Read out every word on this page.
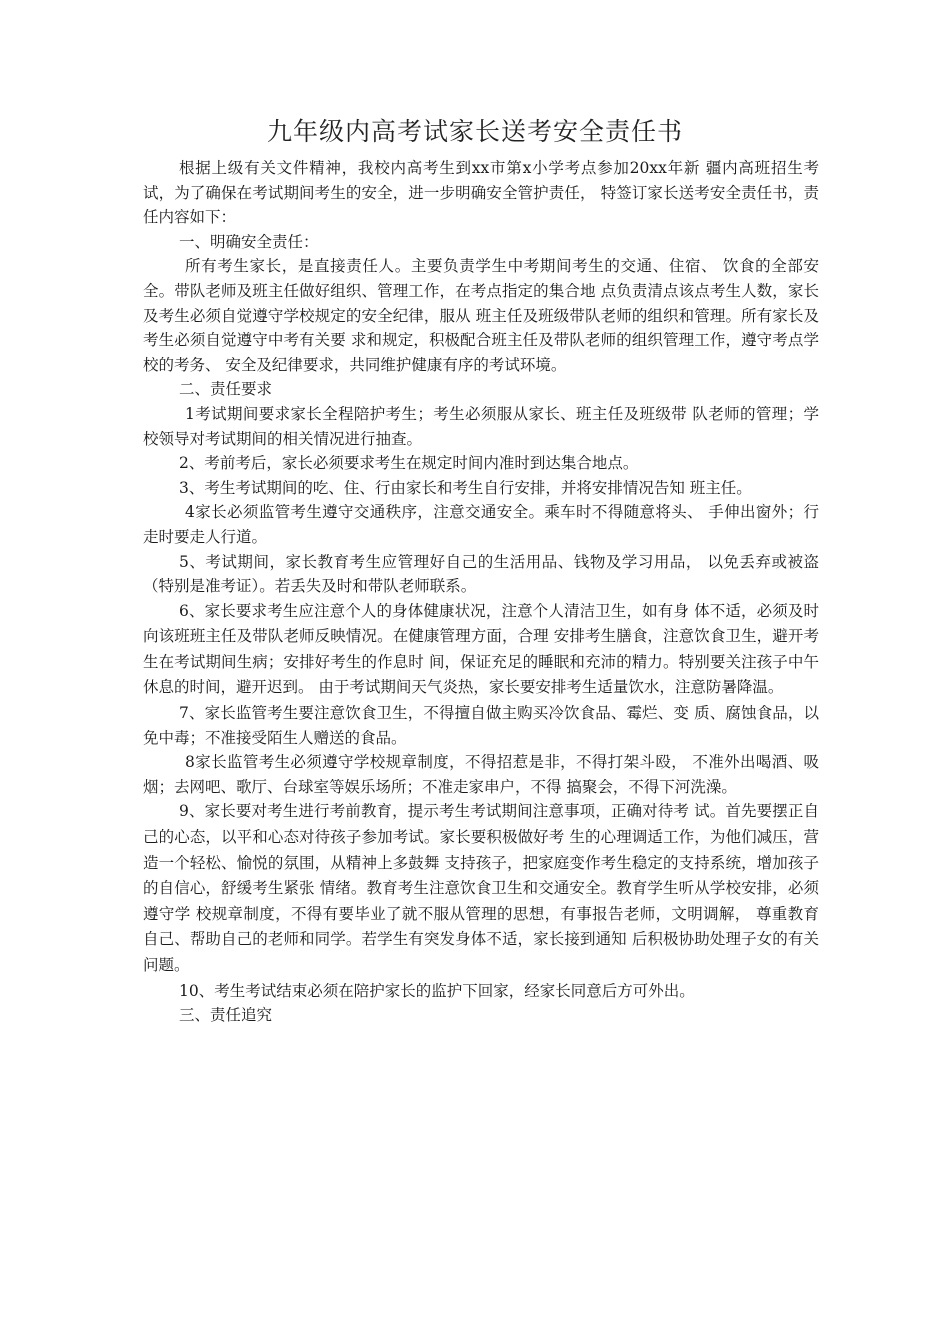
九年级内高考试家长送考安全责任书

根据上级有关文件精神，我校内高考生到xx市第x小学考点参加20xx年新 疆内高班招生考试，为了确保在考试期间考生的安全，进一步明确安全管护责任， 特签订家长送考安全责任书，责任内容如下：

一、明确安全责任：

所有考生家长，是直接责任人。主要负责学生中考期间考生的交通、住宿、 饮食的全部安全。带队老师及班主任做好组织、管理工作，在考点指定的集合地 点负责清点该点考生人数，家长及考生必须自觉遵守学校规定的安全纪律，服从 班主任及班级带队老师的组织和管理。所有家长及考生必须自觉遵守中考有关要 求和规定，积极配合班主任及带队老师的组织管理工作，遵守考点学校的考务、 安全及纪律要求，共同维护健康有序的考试环境。

二、责任要求

1考试期间要求家长全程陪护考生；考生必须服从家长、班主任及班级带 队老师的管理；学校领导对考试期间的相关情况进行抽查。

2、考前考后，家长必须要求考生在规定时间内准时到达集合地点。

3、考生考试期间的吃、住、行由家长和考生自行安排，并将安排情况告知 班主任。

4家长必须监管考生遵守交通秩序，注意交通安全。乘车时不得随意将头、 手伸出窗外；行走时要走人行道。

5、考试期间，家长教育考生应管理好自己的生活用品、钱物及学习用品， 以免丢弃或被盗（特别是准考证）。若丢失及时和带队老师联系。

6、家长要求考生应注意个人的身体健康状况，注意个人清洁卫生，如有身 体不适，必须及时向该班班主任及带队老师反映情况。在健康管理方面，合理 安排考生膳食，注意饮食卫生，避开考生在考试期间生病；安排好考生的作息时 间，保证充足的睡眠和充沛的精力。特别要关注孩子中午休息的时间，避开迟到。 由于考试期间天气炎热，家长要安排考生适量饮水，注意防暑降温。

7、家长监管考生要注意饮食卫生，不得擅自做主购买冷饮食品、霉烂、变 质、腐蚀食品，以免中毒；不准接受陌生人赠送的食品。

8家长监管考生必须遵守学校规章制度，不得招惹是非，不得打架斗殴， 不准外出喝酒、吸烟；去网吧、歌厅、台球室等娱乐场所；不准走家串户，不得 搞聚会，不得下河洗澡。

9、家长要对考生进行考前教育，提示考生考试期间注意事项，正确对待考 试。首先要摆正自己的心态，以平和心态对待孩子参加考试。家长要积极做好考 生的心理调适工作，为他们减压，营造一个轻松、愉悦的氛围，从精神上多鼓舞 支持孩子，把家庭变作考生稳定的支持系统，增加孩子的自信心，舒缓考生紧张 情绪。教育考生注意饮食卫生和交通安全。教育学生听从学校安排，必须遵守学 校规章制度，不得有要毕业了就不服从管理的思想，有事报告老师，文明调解， 尊重教育自己、帮助自己的老师和同学。若学生有突发身体不适，家长接到通知 后积极协助处理子女的有关问题。

10、考生考试结束必须在陪护家长的监护下回家，经家长同意后方可外出。

三、责任追究
